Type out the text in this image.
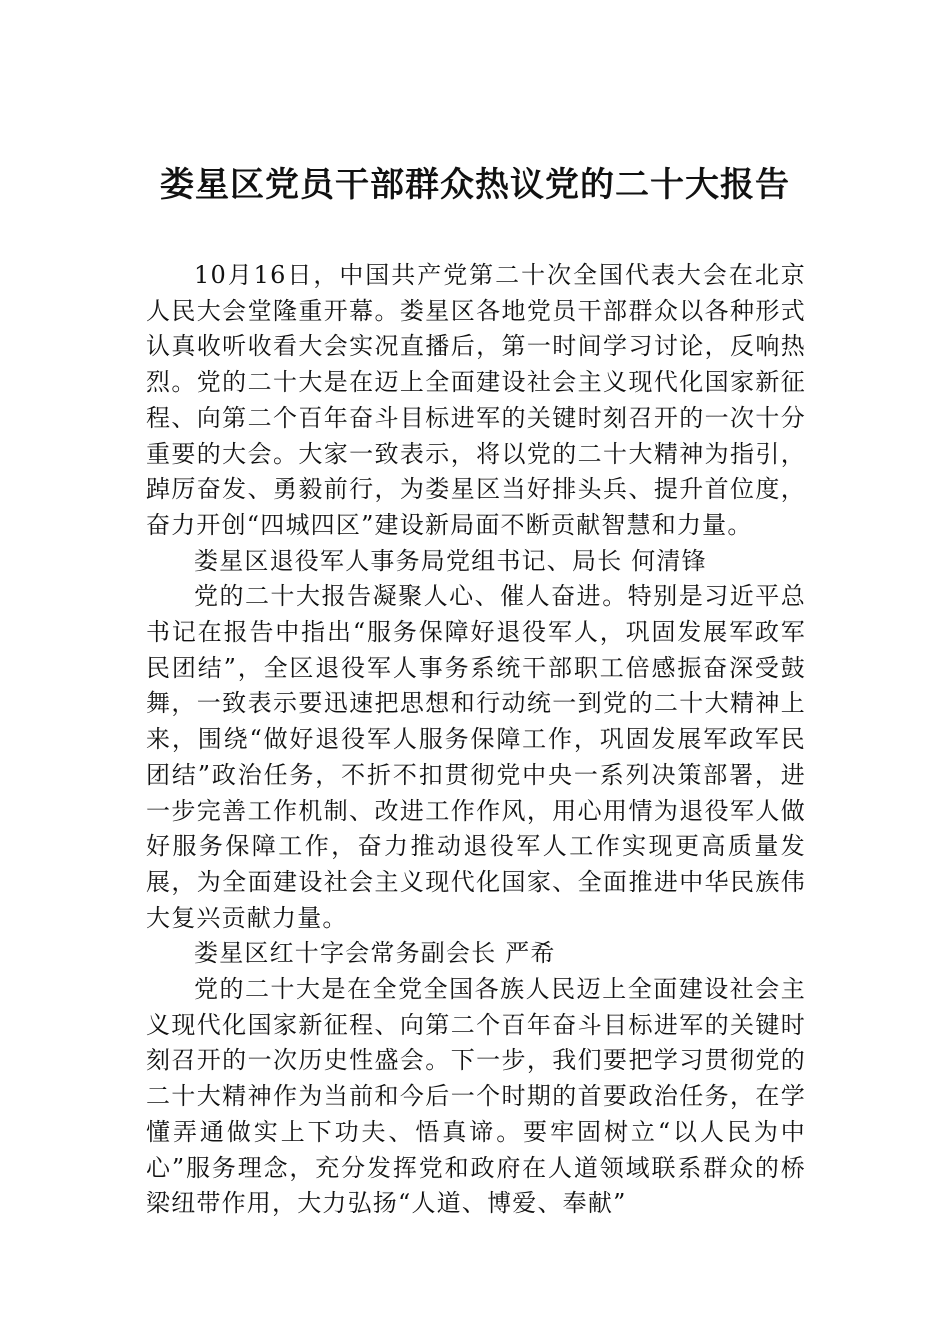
娄星区党员干部群众热议党的二十大报告

10月16日，中国共产党第二十次全国代表大会在北京人民大会堂隆重开幕。娄星区各地党员干部群众以各种形式认真收听收看大会实况直播后，第一时间学习讨论，反响热烈。党的二十大是在迈上全面建设社会主义现代化国家新征程、向第二个百年奋斗目标进军的关键时刻召开的一次十分重要的大会。大家一致表示，将以党的二十大精神为指引，踔厉奋发、勇毅前行，为娄星区当好排头兵、提升首位度，奋力开创“四城四区”建设新局面不断贡献智慧和力量。

娄星区退役军人事务局党组书记、局长 何清锋

党的二十大报告凝聚人心、催人奋进。特别是习近平总书记在报告中指出“服务保障好退役军人，巩固发展军政军民团结”，全区退役军人事务系统干部职工倍感振奋深受鼓舞，一致表示要迅速把思想和行动统一到党的二十大精神上来，围绕“做好退役军人服务保障工作，巩固发展军政军民团结”政治任务，不折不扣贯彻党中央一系列决策部署，进一步完善工作机制、改进工作作风，用心用情为退役军人做好服务保障工作，奋力推动退役军人工作实现更高质量发展，为全面建设社会主义现代化国家、全面推进中华民族伟大复兴贡献力量。

娄星区红十字会常务副会长 严希

党的二十大是在全党全国各族人民迈上全面建设社会主义现代化国家新征程、向第二个百年奋斗目标进军的关键时刻召开的一次历史性盛会。下一步，我们要把学习贯彻党的二十大精神作为当前和今后一个时期的首要政治任务，在学懂弄通做实上下功夫、悟真谛。要牢固树立“以人民为中心”服务理念，充分发挥党和政府在人道领域联系群众的桥梁纽带作用，大力弘扬“人道、博爱、奉献”
